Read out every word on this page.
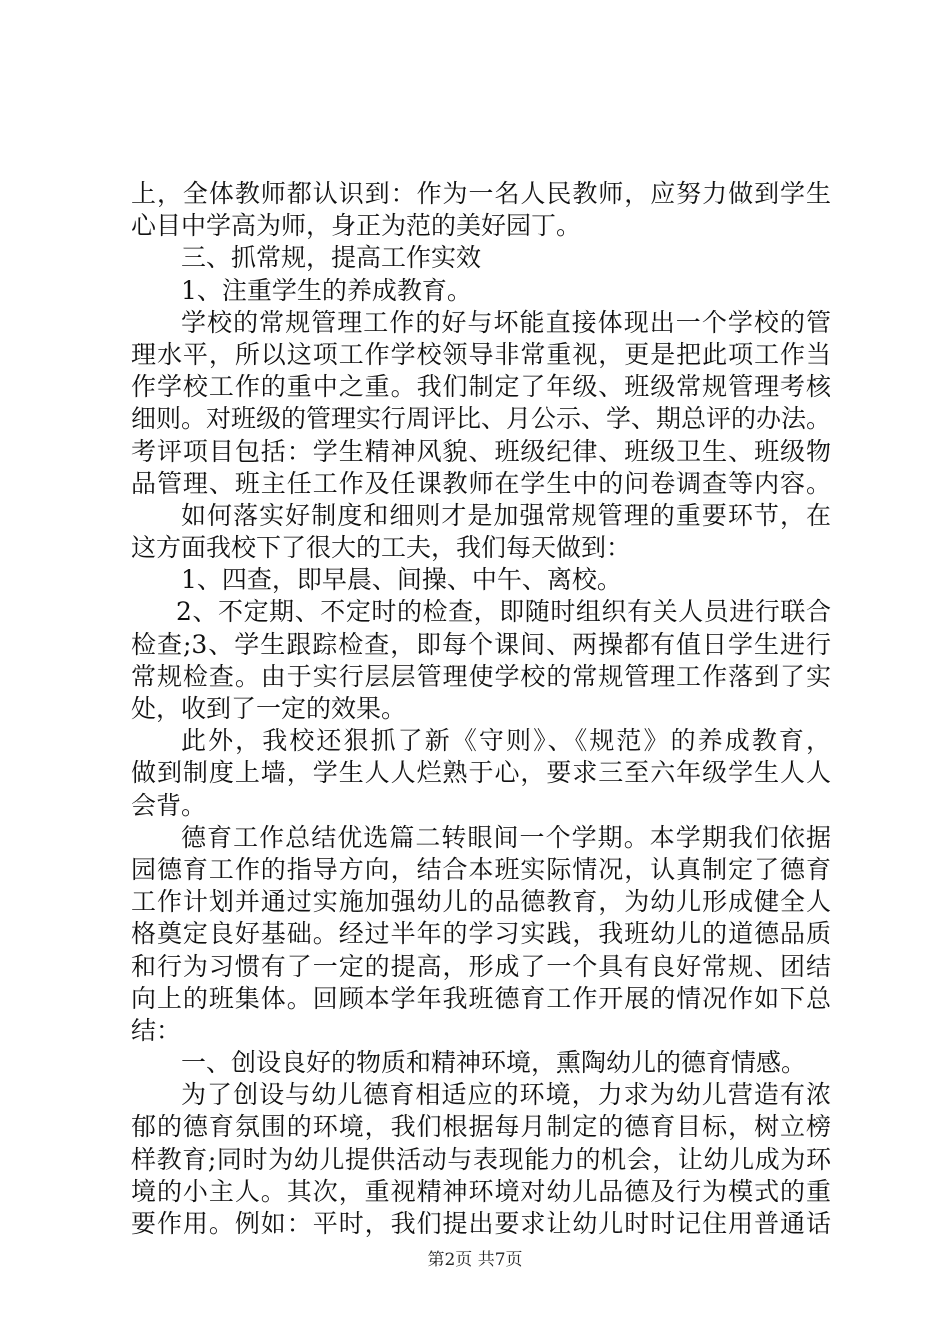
上，全体教师都认识到：作为一名人民教师，应努力做到学生
心目中学高为师，身正为范的美好园丁。
三、抓常规，提高工作实效
1、注重学生的养成教育。
学校的常规管理工作的好与坏能直接体现出一个学校的管
理水平，所以这项工作学校领导非常重视，更是把此项工作当
作学校工作的重中之重。我们制定了年级、班级常规管理考核
细则。对班级的管理实行周评比、月公示、学、期总评的办法。
考评项目包括：学生精神风貌、班级纪律、班级卫生、班级物
品管理、班主任工作及任课教师在学生中的问卷调查等内容。
如何落实好制度和细则才是加强常规管理的重要环节，在
这方面我校下了很大的工夫，我们每天做到：
1、四查，即早晨、间操、中午、离校。
2、不定期、不定时的检查，即随时组织有关人员进行联合
检查;3、学生跟踪检查，即每个课间、两操都有值日学生进行
常规检查。由于实行层层管理使学校的常规管理工作落到了实
处，收到了一定的效果。
此外，我校还狠抓了新《守则》、《规范》的养成教育，
做到制度上墙，学生人人烂熟于心，要求三至六年级学生人人
会背。
德育工作总结优选篇二转眼间一个学期。本学期我们依据
园德育工作的指导方向，结合本班实际情况，认真制定了德育
工作计划并通过实施加强幼儿的品德教育，为幼儿形成健全人
格奠定良好基础。经过半年的学习实践，我班幼儿的道德品质
和行为习惯有了一定的提高，形成了一个具有良好常规、团结
向上的班集体。回顾本学年我班德育工作开展的情况作如下总
结：
一、创设良好的物质和精神环境，熏陶幼儿的德育情感。
为了创设与幼儿德育相适应的环境，力求为幼儿营造有浓
郁的德育氛围的环境，我们根据每月制定的德育目标，树立榜
样教育;同时为幼儿提供活动与表现能力的机会，让幼儿成为环
境的小主人。其次，重视精神环境对幼儿品德及行为模式的重
要作用。例如：平时，我们提出要求让幼儿时时记住用普通话
第2页 共7页
